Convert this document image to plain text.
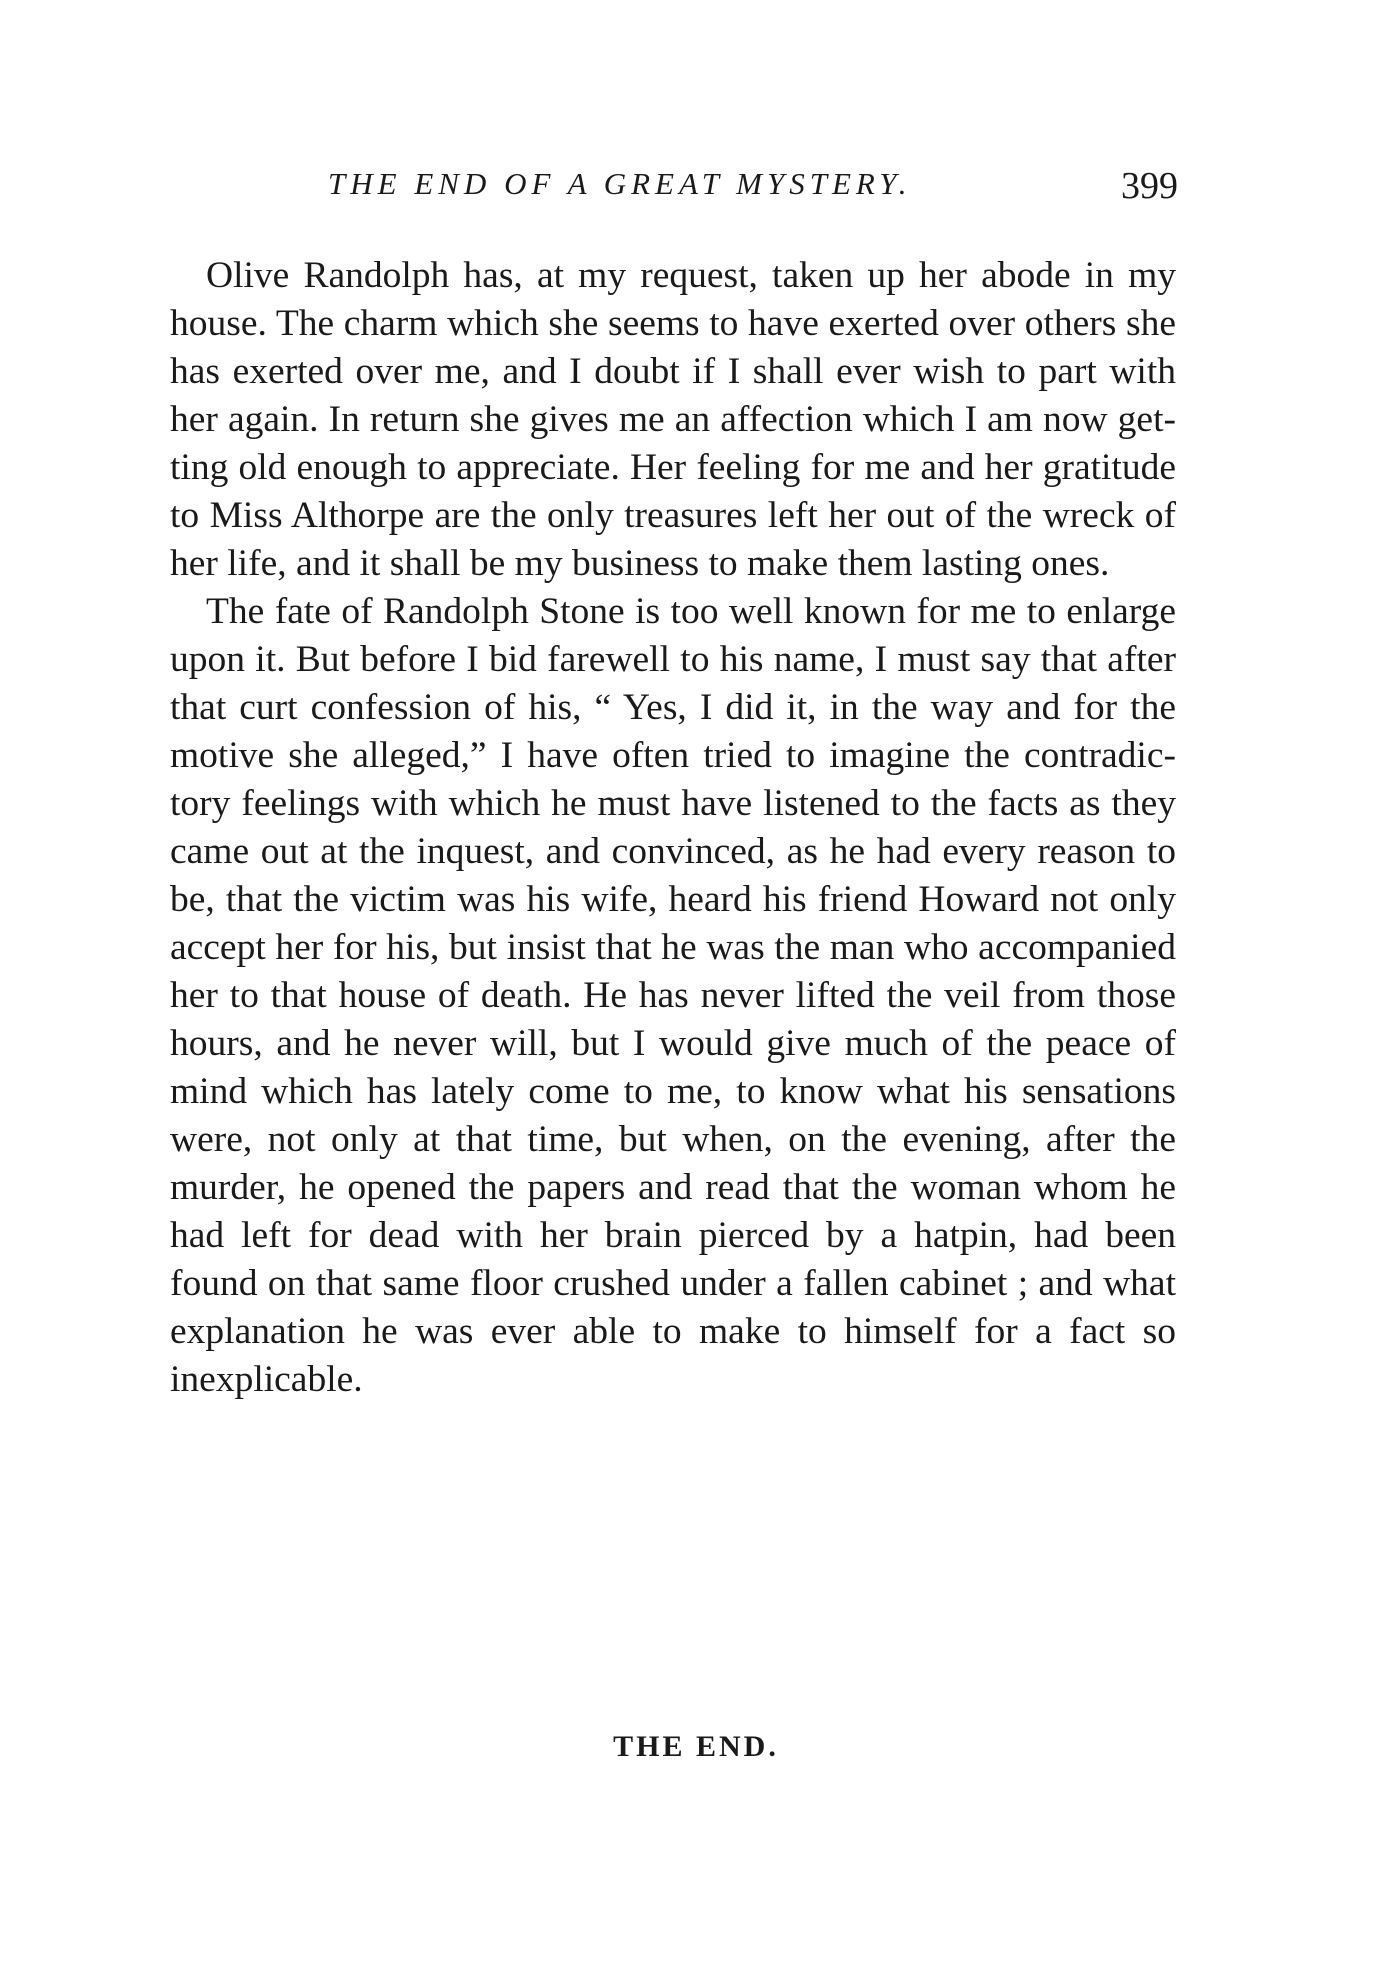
THE END OF A GREAT MYSTERY.	399

Olive Randolph has, at my request, taken up her abode in my house. The charm which she seems to have exerted over others she has exerted over me, and I doubt if I shall ever wish to part with her again. In return she gives me an affection which I am now getting old enough to appreciate. Her feeling for me and her gratitude to Miss Althorpe are the only treasures left her out of the wreck of her life, and it shall be my business to make them lasting ones.

The fate of Randolph Stone is too well known for me to enlarge upon it. But before I bid farewell to his name, I must say that after that curt confession of his, “ Yes, I did it, in the way and for the motive she alleged,” I have often tried to imagine the contradictory feelings with which he must have listened to the facts as they came out at the inquest, and convinced, as he had every reason to be, that the victim was his wife, heard his friend Howard not only accept her for his, but insist that he was the man who accompanied her to that house of death. He has never lifted the veil from those hours, and he never will, but I would give much of the peace of mind which has lately come to me, to know what his sensations were, not only at that time, but when, on the evening, after the murder, he opened the papers and read that the woman whom he had left for dead with her brain pierced by a hatpin, had been found on that same floor crushed under a fallen cabinet ; and what explanation he was ever able to make to himself for a fact so inexplicable.

THE END.
